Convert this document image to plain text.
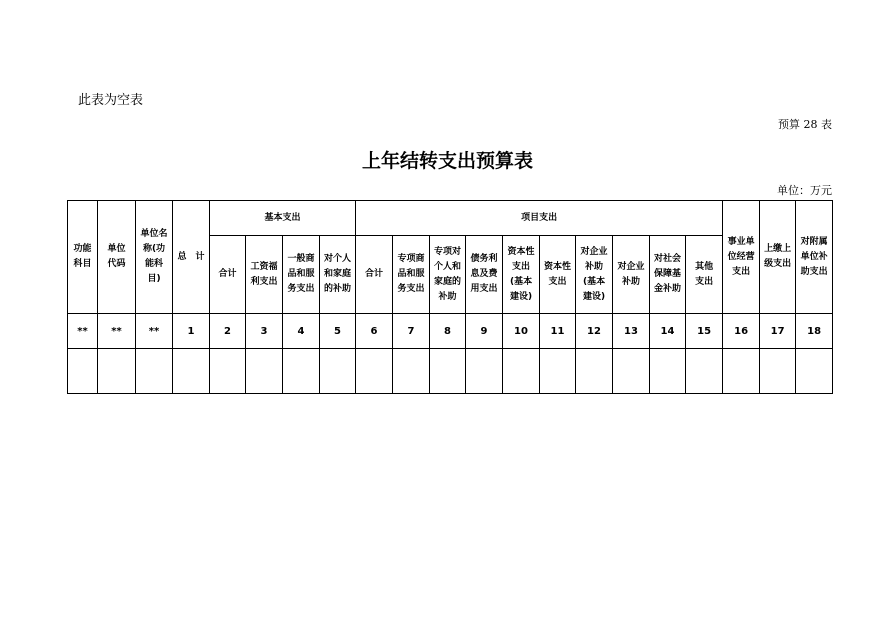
此表为空表
预算 28 表
上年结转支出预算表
单位：万元
功能科目	单位代码	单位名称(功能科目)	总　计	基本支出				项目支出										事业单位经营支出	上缴上级支出	对附属单位补助支出
				合计	工资福利支出	一般商品和服务支出	对个人和家庭的补助	合计	专项商品和服务支出	专项对个人和家庭的补助	债务利息及费用支出	资本性支出(基本建设)	资本性支出	对企业补助(基本建设)	对企业补助	对社会保障基金补助	其他支出			
**	**	**	1	2	3	4	5	6	7	8	9	10	11	12	13	14	15	16	17	18
